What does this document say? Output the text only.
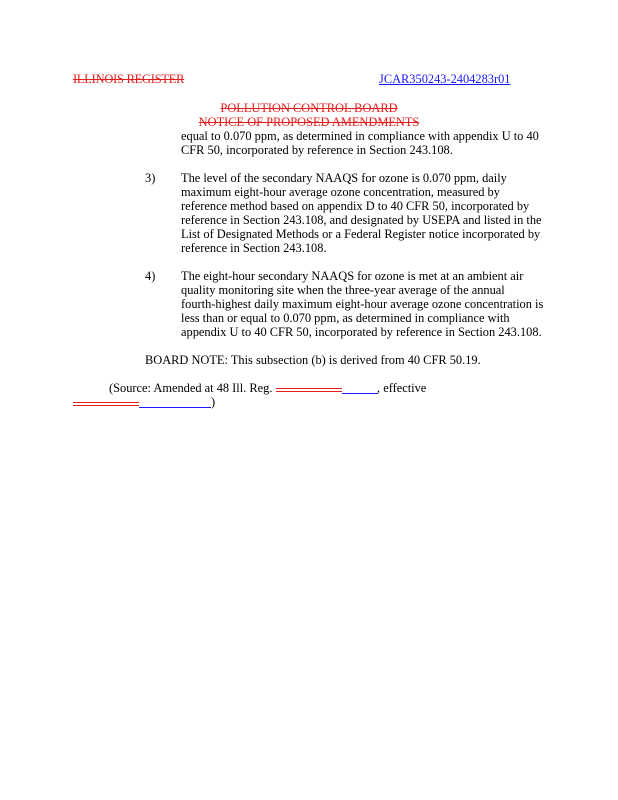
ILLINOIS REGISTER	JCAR350243-2404283r01
POLLUTION CONTROL BOARD
NOTICE OF PROPOSED AMENDMENTS
equal to 0.070 ppm, as determined in compliance with appendix U to 40
CFR 50, incorporated by reference in Section 243.108.
3) The level of the secondary NAAQS for ozone is 0.070 ppm, daily
maximum eight-hour average ozone concentration, measured by
reference method based on appendix D to 40 CFR 50, incorporated by
reference in Section 243.108, and designated by USEPA and listed in the
List of Designated Methods or a Federal Register notice incorporated by
reference in Section 243.108.
4) The eight-hour secondary NAAQS for ozone is met at an ambient air
quality monitoring site when the three-year average of the annual
fourth-highest daily maximum eight-hour average ozone concentration is
less than or equal to 0.070 ppm, as determined in compliance with
appendix U to 40 CFR 50, incorporated by reference in Section 243.108.
BOARD NOTE: This subsection (b) is derived from 40 CFR 50.19.
(Source: Amended at 48 Ill. Reg.	, effective
)
